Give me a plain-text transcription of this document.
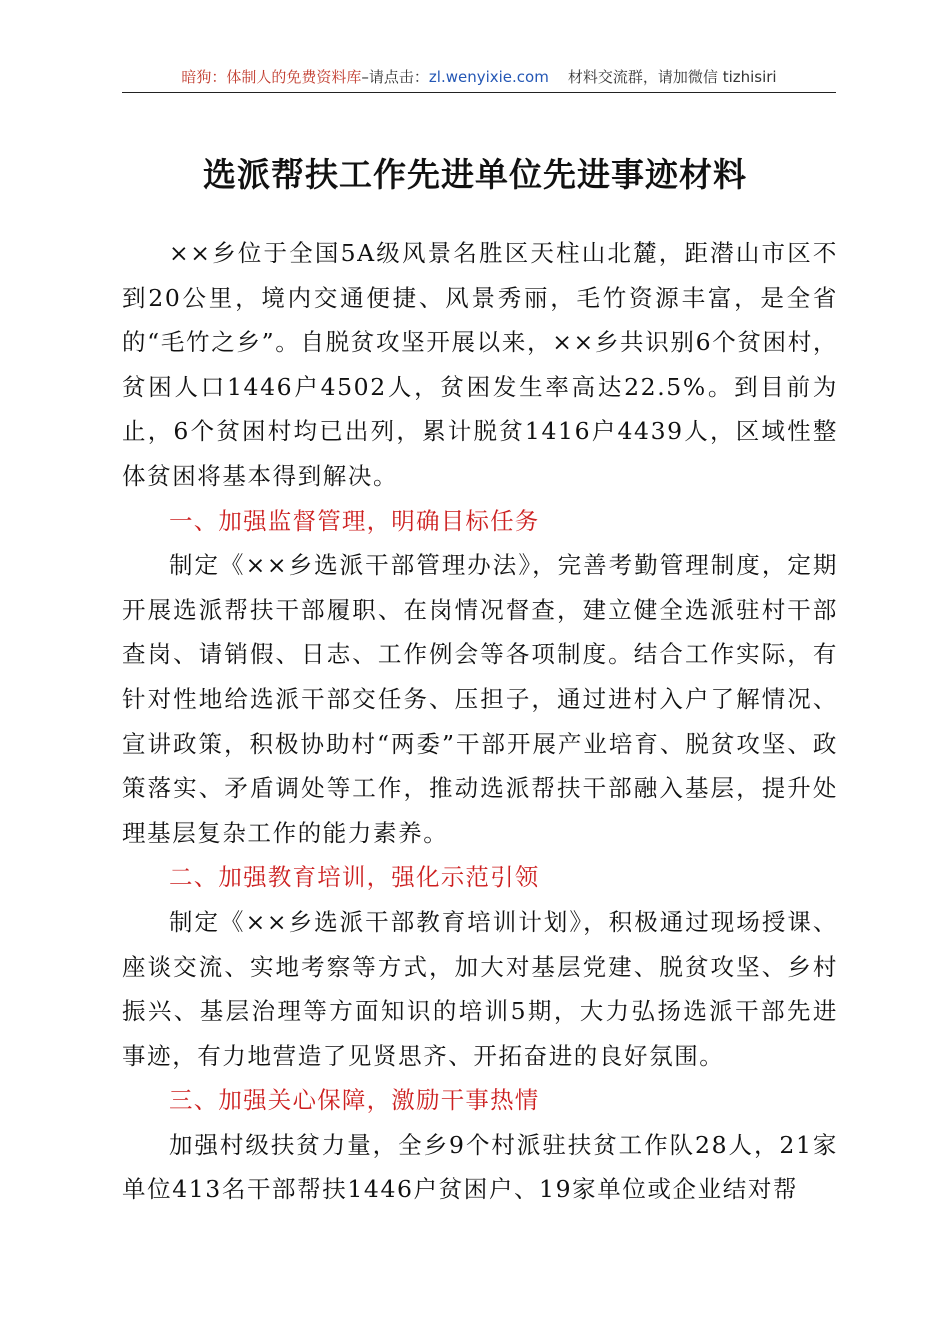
暗狗：体制人的免费资料库–请点击：zl.wenyixie.com 材料交流群，请加微信 tizhisiri
选派帮扶工作先进单位先进事迹材料

××乡位于全国5A级风景名胜区天柱山北麓，距潜山市区不到20公里，境内交通便捷、风景秀丽，毛竹资源丰富，是全省的“毛竹之乡”。自脱贫攻坚开展以来，××乡共识别6个贫困村，贫困人口1446户4502人，贫困发生率高达22.5%。到目前为止，6个贫困村均已出列，累计脱贫1416户4439人，区域性整体贫困将基本得到解决。

一、加强监督管理，明确目标任务

制定《××乡选派干部管理办法》，完善考勤管理制度，定期开展选派帮扶干部履职、在岗情况督查，建立健全选派驻村干部查岗、请销假、日志、工作例会等各项制度。结合工作实际，有针对性地给选派干部交任务、压担子，通过进村入户了解情况、宣讲政策，积极协助村“两委”干部开展产业培育、脱贫攻坚、政策落实、矛盾调处等工作，推动选派帮扶干部融入基层，提升处理基层复杂工作的能力素养。

二、加强教育培训，强化示范引领

制定《××乡选派干部教育培训计划》，积极通过现场授课、座谈交流、实地考察等方式，加大对基层党建、脱贫攻坚、乡村振兴、基层治理等方面知识的培训5期，大力弘扬选派干部先进事迹，有力地营造了见贤思齐、开拓奋进的良好氛围。

三、加强关心保障，激励干事热情

加强村级扶贫力量，全乡9个村派驻扶贫工作队28人，21家单位413名干部帮扶1446户贫困户、19家单位或企业结对帮
